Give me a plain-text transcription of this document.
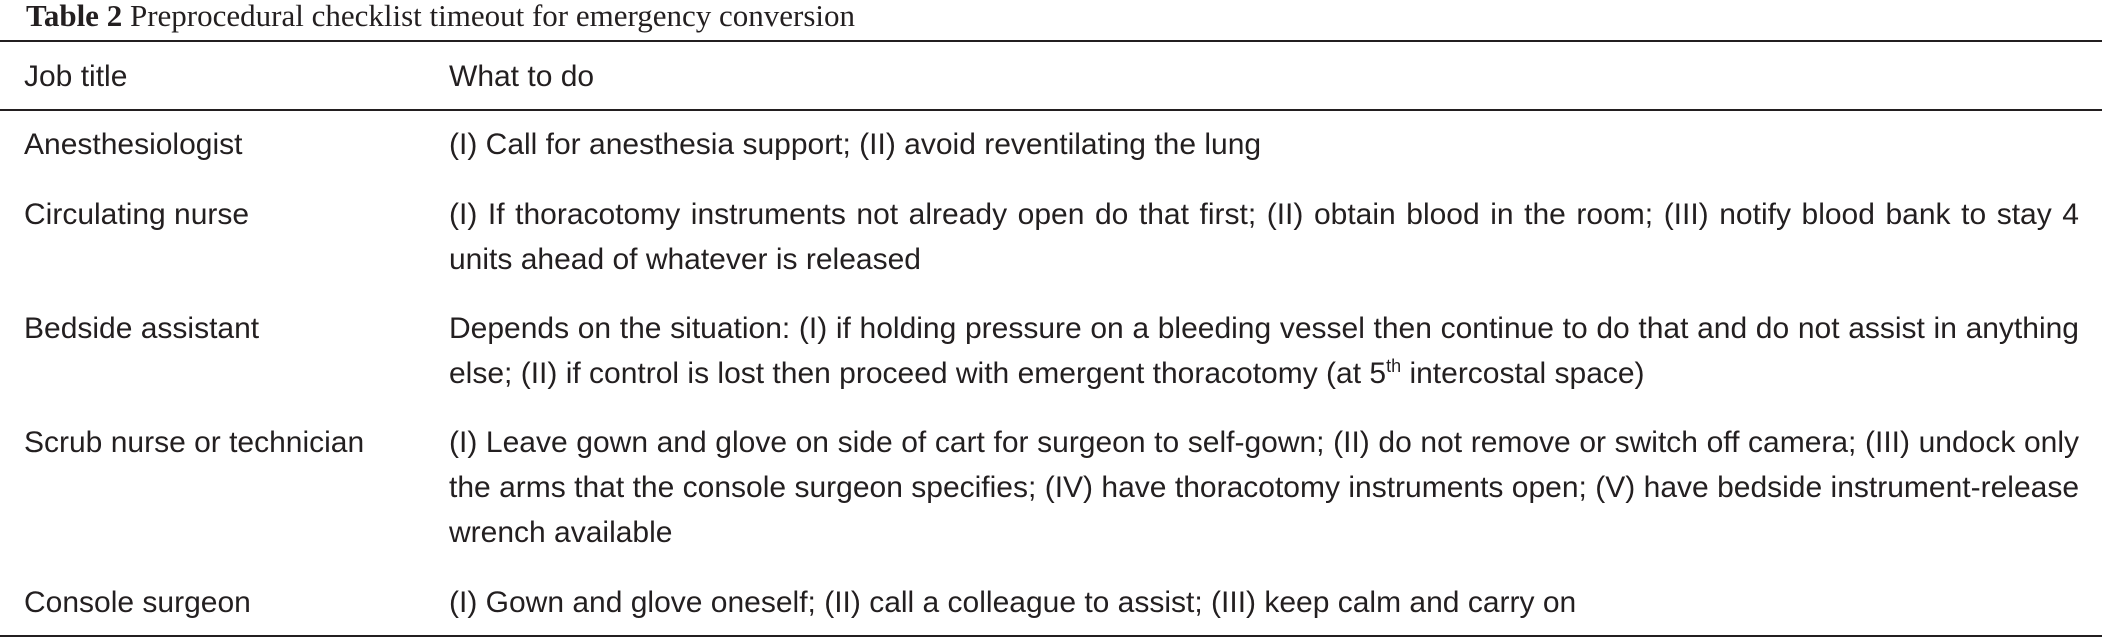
Table 2 Preprocedural checklist timeout for emergency conversion
Job title	What to do
Anesthesiologist	(I) Call for anesthesia support; (II) avoid reventilating the lung
Circulating nurse	(I) If thoracotomy instruments not already open do that first; (II) obtain blood in the room; (III) notify blood bank to stay 4 units ahead of whatever is released
Bedside assistant	Depends on the situation: (I) if holding pressure on a bleeding vessel then continue to do that and do not assist in anything else; (II) if control is lost then proceed with emergent thoracotomy (at 5th intercostal space)
Scrub nurse or technician	(I) Leave gown and glove on side of cart for surgeon to self-gown; (II) do not remove or switch off camera; (III) undock only the arms that the console surgeon specifies; (IV) have thoracotomy instruments open; (V) have bedside instrument-release wrench available
Console surgeon	(I) Gown and glove oneself; (II) call a colleague to assist; (III) keep calm and carry on
